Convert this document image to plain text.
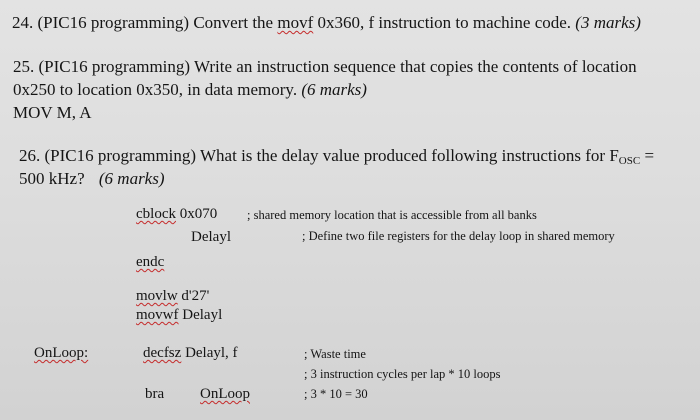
24. (PIC16 programming) Convert the movf 0x360, f instruction to machine code. (3 marks)
25. (PIC16 programming) Write an instruction sequence that copies the contents of location
0x250 to location 0x350, in data memory. (6 marks)
MOV M, A
26. (PIC16 programming) What is the delay value produced following instructions for FOSC =
500 kHz? (6 marks)
cblock 0x070 ; shared memory location that is accessible from all banks
Delayl	; Define two file registers for the delay loop in shared memory
endc
movlw d'27'
movwf Delayl
OnLoop:	decfsz Delayl, f	; Waste time
; 3 instruction cycles per lap * 10 loops
bra OnLoop	; 3 * 10 = 30
